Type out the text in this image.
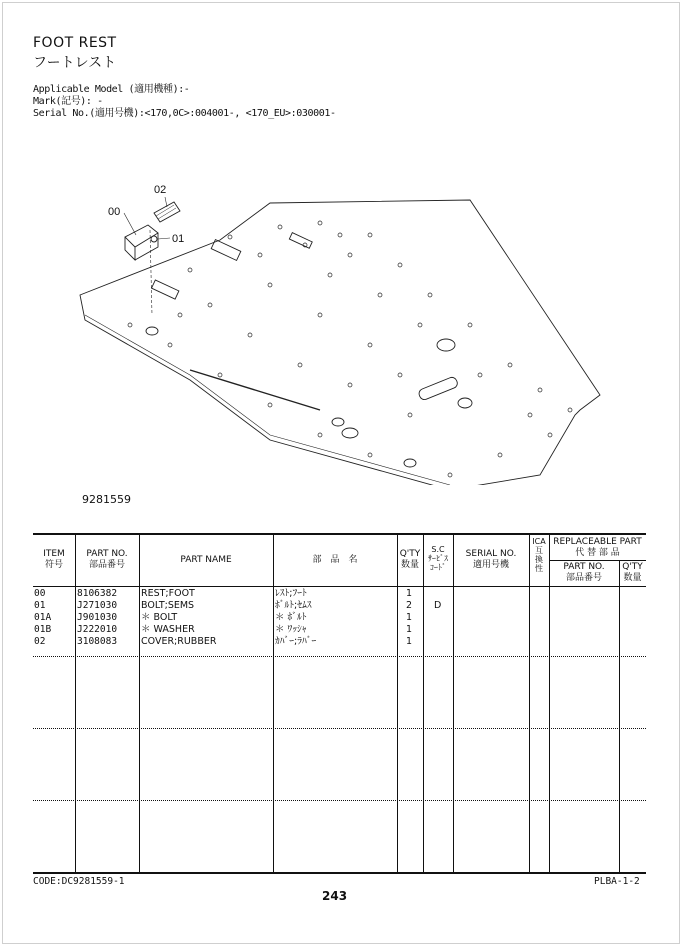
FOOT REST
フートレスト
Applicable Model (適用機種):-
Mark(記号): -
Serial No.(適用号機):<170,0C>:004001-, <170_EU>:030001-
02
00
01
9281559
ITEM
符号
PART NO.
部品番号	PART NAME	部　品　名
Q'TY
数量
S.C
ｻｰﾋﾞｽ
ｺｰﾄﾞ
SERIAL NO.
適用号機
ICA
互
換
性
REPLACEABLE PART
代 替 部 品
PART NO.
部品番号
Q'TY
数量
00	8106382	REST;FOOT	ﾚｽﾄ;ﾌｰﾄ	1
01	J271030	BOLT;SEMS	ﾎﾞﾙﾄ;ｾﾑｽ	2 D
01A	J901030	＊ BOLT	＊ ﾎﾞﾙﾄ	1
01B	J222010	＊ WASHER	＊ ﾜｯｼｬ	1
02	3108083	COVER;RUBBER	ｶﾊﾞｰ;ﾗﾊﾞｰ	1
CODE:DC9281559-1
243
PLBA-1-2
